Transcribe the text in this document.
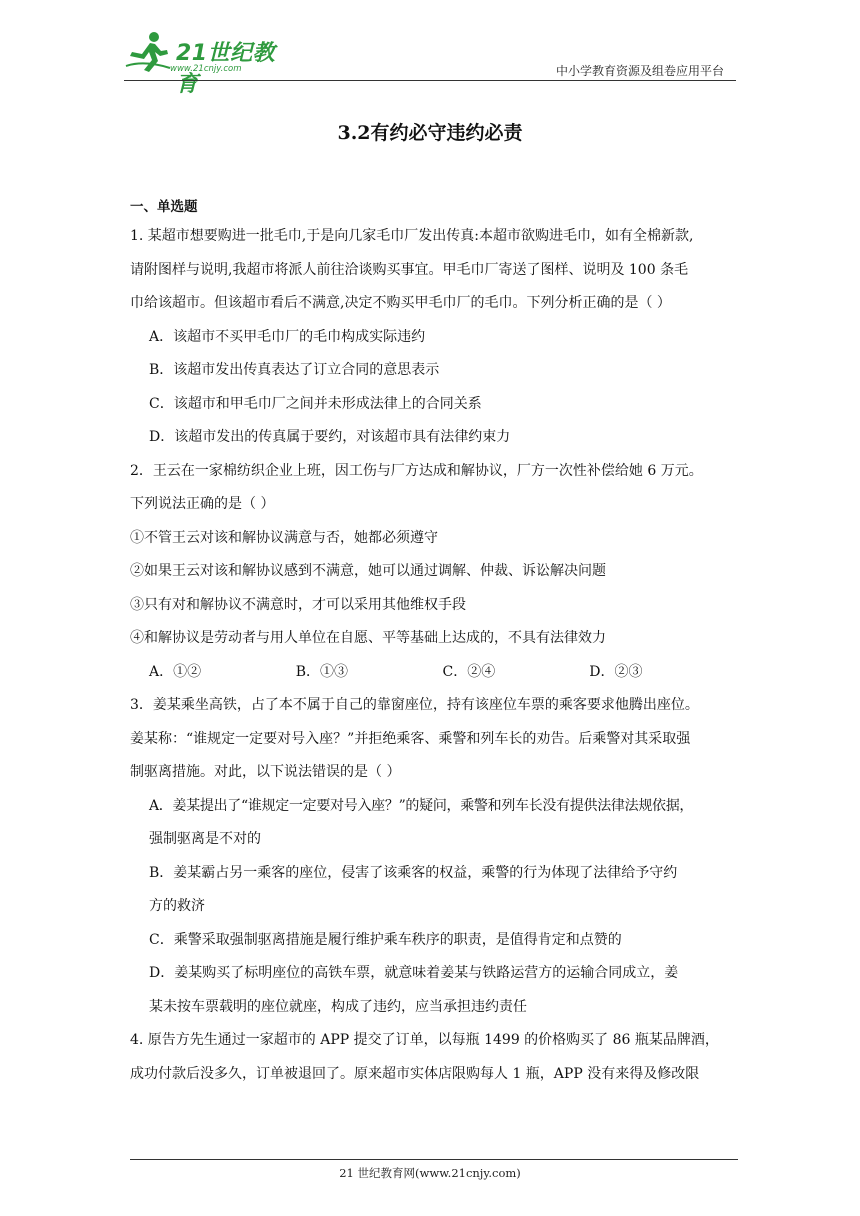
21世纪教育
www.21cnjy.com	中小学教育资源及组卷应用平台
3.2有约必守违约必责
一、单选题

1. 某超市想要购进一批毛巾,于是向几家毛巾厂发出传真:本超市欲购进毛巾，如有全棉新款,

请附图样与说明,我超市将派人前往洽谈购买事宜。甲毛巾厂寄送了图样、说明及 100 条毛

巾给该超市。但该超市看后不满意,决定不购买甲毛巾厂的毛巾。下列分析正确的是（ ）

A．该超市不买甲毛巾厂的毛巾构成实际违约

B．该超市发出传真表达了订立合同的意思表示

C．该超市和甲毛巾厂之间并未形成法律上的合同关系

D．该超市发出的传真属于要约，对该超市具有法律约束力

2．王云在一家棉纺织企业上班，因工伤与厂方达成和解协议，厂方一次性补偿给她 6 万元。

下列说法正确的是（ ）

①不管王云对该和解协议满意与否，她都必须遵守

②如果王云对该和解协议感到不满意，她可以通过调解、仲裁、诉讼解决问题

③只有对和解协议不满意时，才可以采用其他维权手段

④和解协议是劳动者与用人单位在自愿、平等基础上达成的，不具有法律效力

A．①②	B．①③	C．②④	D．②③

3．姜某乘坐高铁，占了本不属于自己的靠窗座位，持有该座位车票的乘客要求他腾出座位。

姜某称：“谁规定一定要对号入座？”并拒绝乘客、乘警和列车长的劝告。后乘警对其采取强

制驱离措施。对此，以下说法错误的是（ ）

A．姜某提出了“谁规定一定要对号入座？”的疑问，乘警和列车长没有提供法律法规依据，

强制驱离是不对的

B．姜某霸占另一乘客的座位，侵害了该乘客的权益，乘警的行为体现了法律给予守约

方的救济

C．乘警采取强制驱离措施是履行维护乘车秩序的职责，是值得肯定和点赞的

D．姜某购买了标明座位的高铁车票，就意味着姜某与铁路运营方的运输合同成立，姜

某未按车票载明的座位就座，构成了违约，应当承担违约责任

4. 原告方先生通过一家超市的 APP 提交了订单，以每瓶 1499 的价格购买了 86 瓶某品牌酒，

成功付款后没多久，订单被退回了。原来超市实体店限购每人 1 瓶，APP 没有来得及修改限

21 世纪教育网(www.21cnjy.com)
